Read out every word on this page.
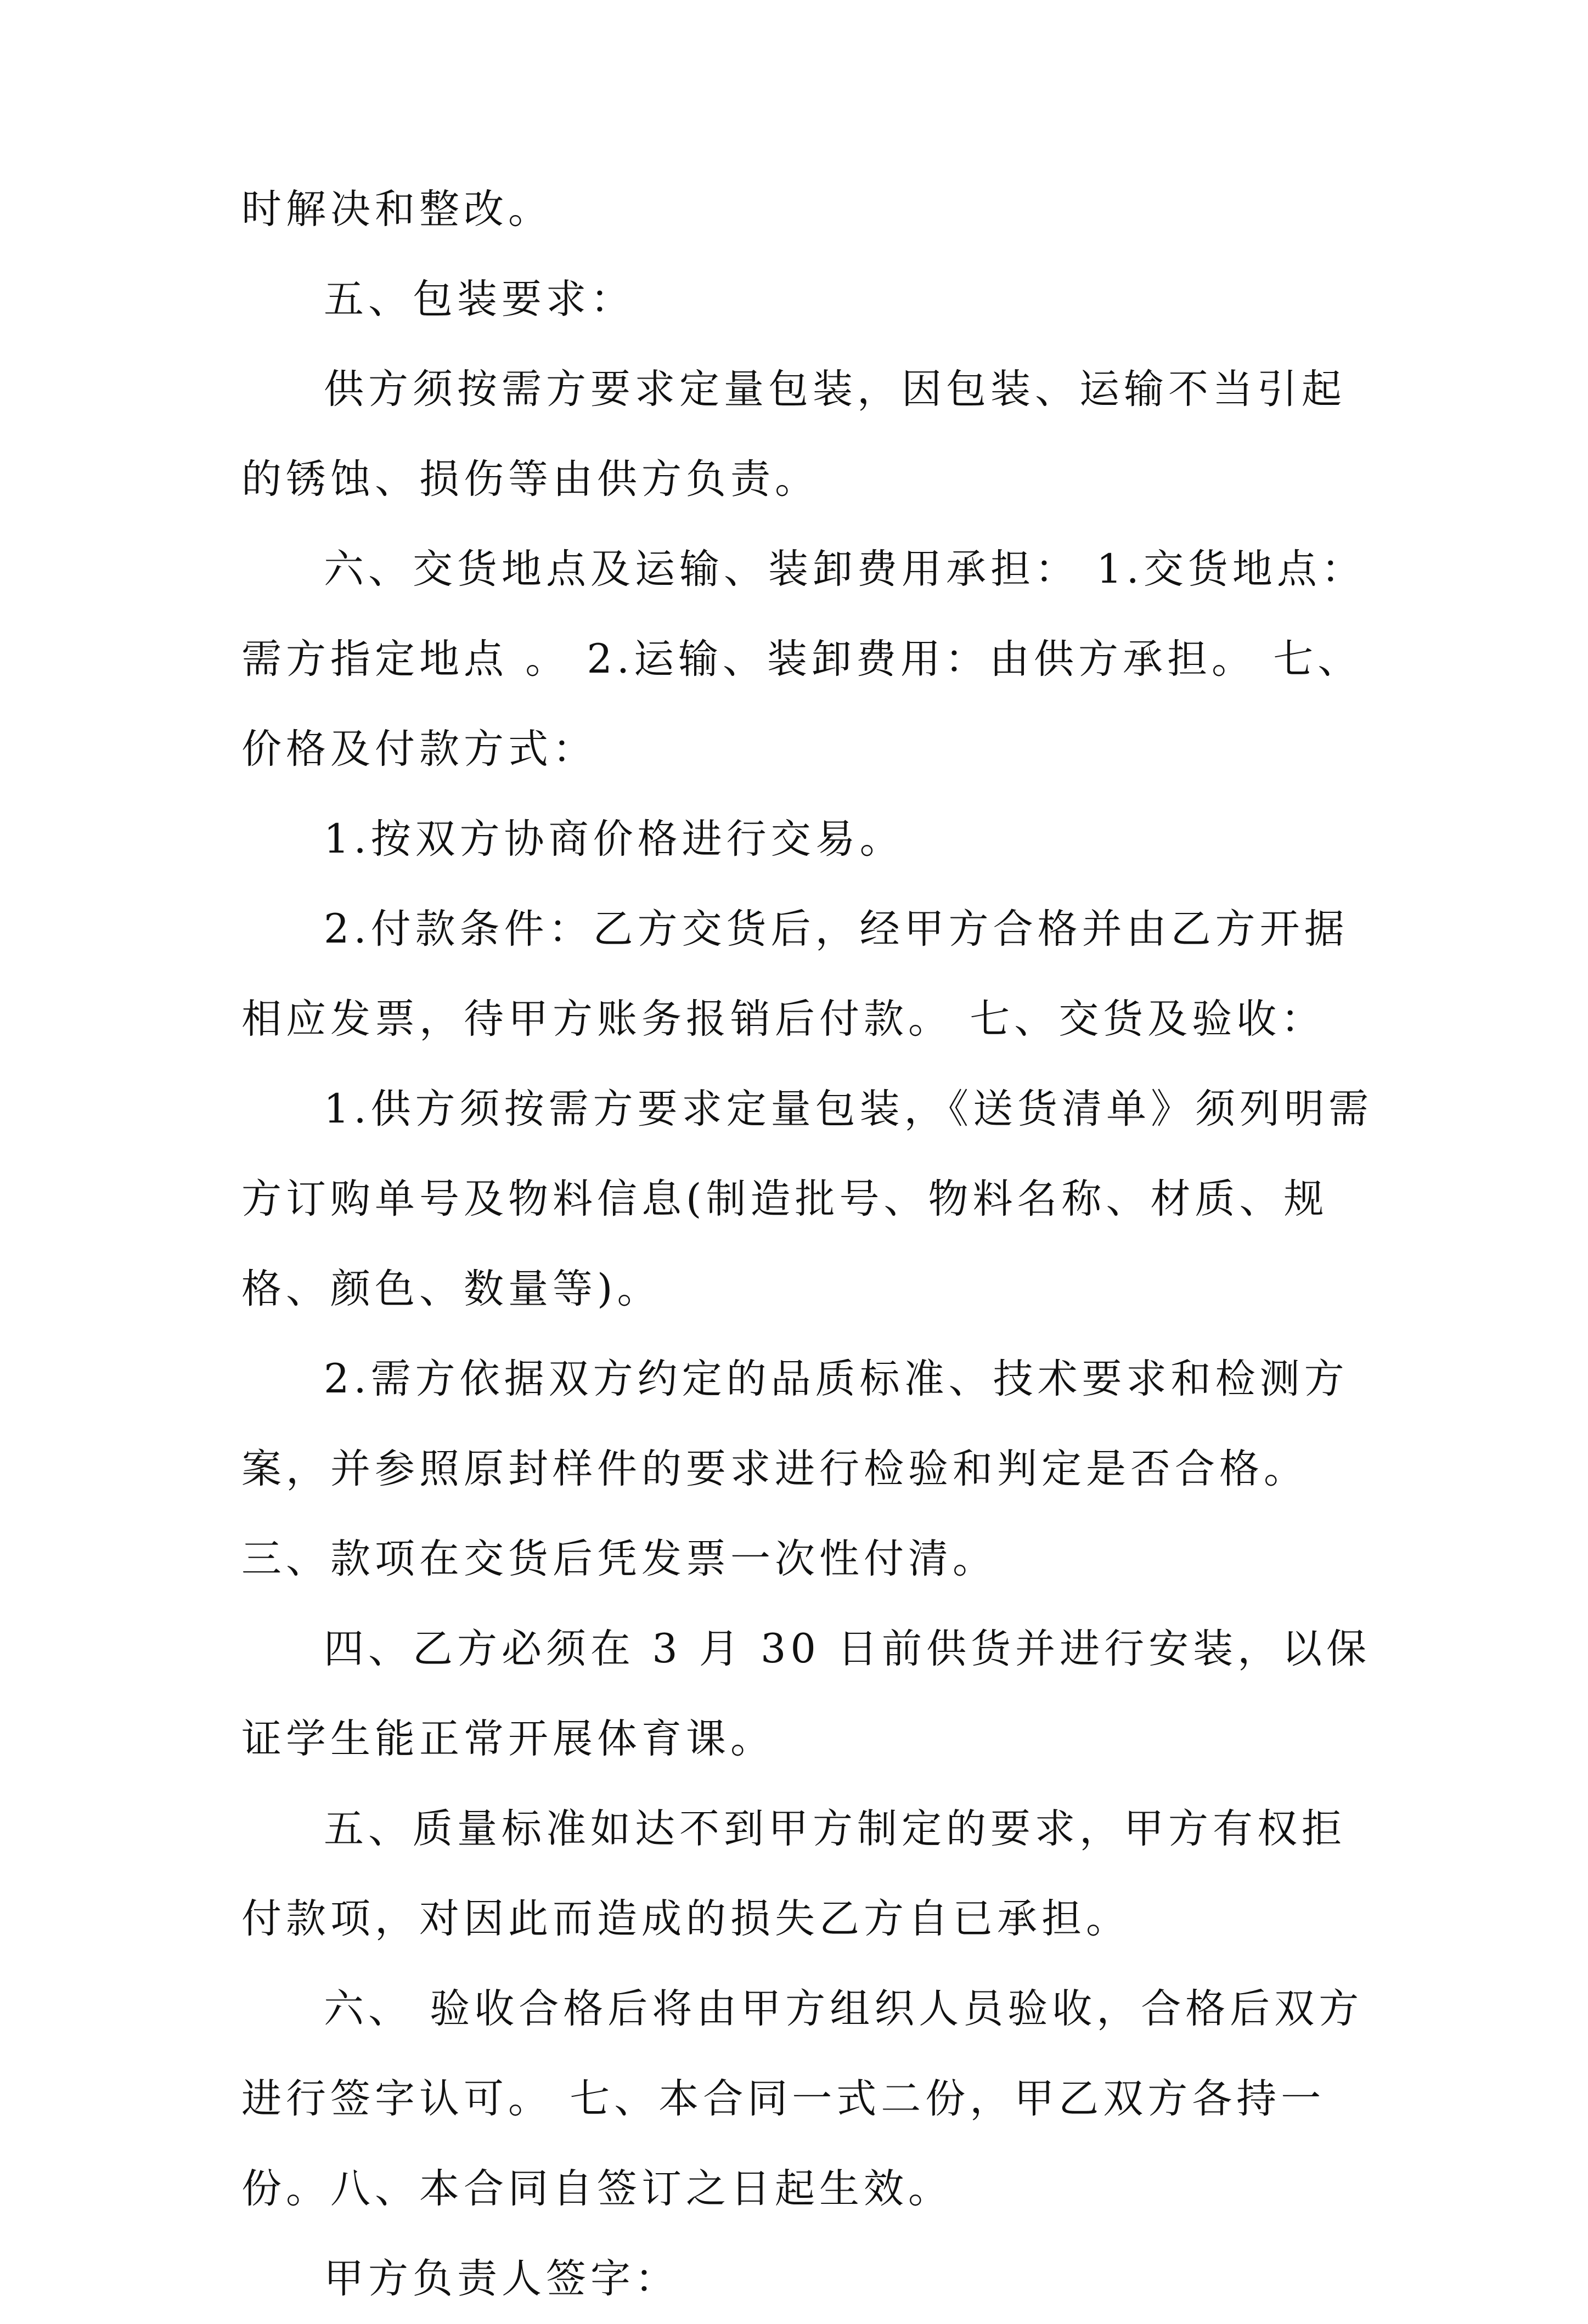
时解决和整改。

五、包装要求：

供方须按需方要求定量包装，因包装、运输不当引起的锈蚀、损伤等由供方负责。

六、交货地点及运输、装卸费用承担： 1.交货地点：需方指定地点 。 2.运输、装卸费用：由供方承担。 七、价格及付款方式：

1.按双方协商价格进行交易。

2.付款条件：乙方交货后，经甲方合格并由乙方开据相应发票，待甲方账务报销后付款。 七、交货及验收：

1.供方须按需方要求定量包装，《送货清单》须列明需方订购单号及物料信息(制造批号、物料名称、材质、规格、颜色、数量等)。

2.需方依据双方约定的品质标准、技术要求和检测方案，并参照原封样件的要求进行检验和判定是否合格。 三、款项在交货后凭发票一次性付清。

四、乙方必须在 3 月 30 日前供货并进行安装，以保证学生能正常开展体育课。

五、质量标准如达不到甲方制定的要求，甲方有权拒付款项，对因此而造成的损失乙方自已承担。

六、 验收合格后将由甲方组织人员验收，合格后双方进行签字认可。 七、本合同一式二份，甲乙双方各持一份。八、本合同自签订之日起生效。

甲方负责人签字：
